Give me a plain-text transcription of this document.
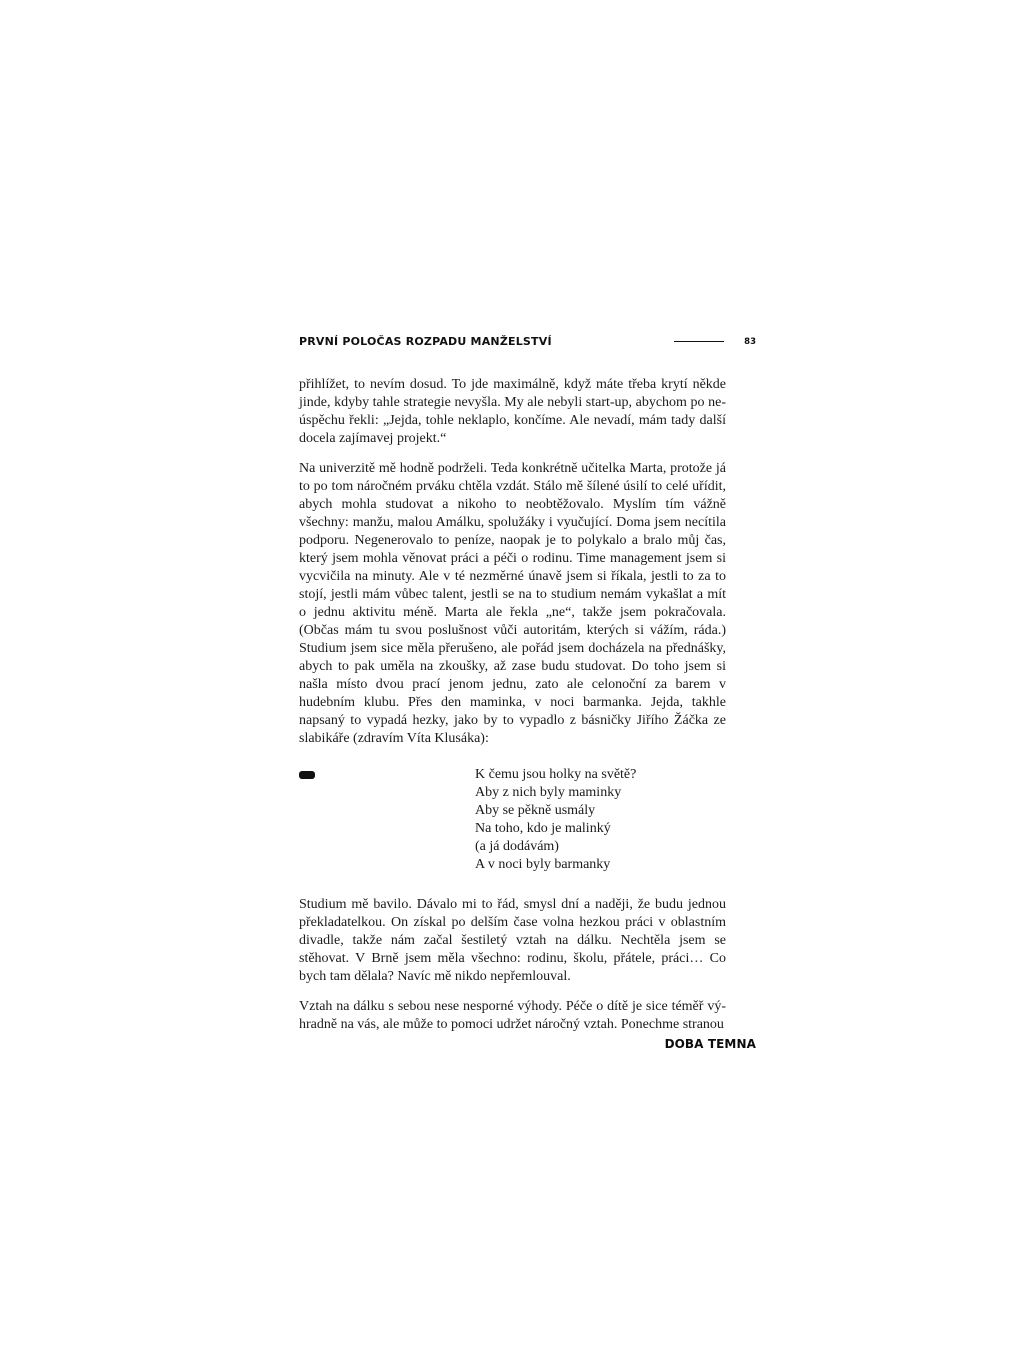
PRVNÍ POLOČAS ROZPADU MANŽELSTVÍ	83

přihlížet, to nevím dosud. To jde maximálně, když máte třeba krytí někde jinde, kdyby tahle strategie nevyšla. My ale nebyli start-up, abychom po neúspěchu řekli: „Jejda, tohle neklaplo, končíme. Ale nevadí, mám tady další docela zajímavej projekt.“

Na univerzitě mě hodně podrželi. Teda konkrétně učitelka Marta, protože já to po tom náročném prváku chtěla vzdát. Stálo mě šílené úsilí to celé uřídit, abych mohla studovat a nikoho to neobtěžovalo. Myslím tím vážně všechny: manžu, malou Amálku, spolužáky i vyučující. Doma jsem necítila podporu. Negenerovalo to peníze, naopak je to polykalo a bralo můj čas, který jsem mohla věnovat práci a péči o rodinu. Time management jsem si vycvičila na minuty. Ale v té nezměrné únavě jsem si říkala, jestli to za to stojí, jestli mám vůbec talent, jestli se na to studium nemám vykašlat a mít o jednu aktivitu méně. Marta ale řekla „ne“, takže jsem pokračovala. (Občas mám tu svou poslušnost vůči autoritám, kterých si vážím, ráda.) Studium jsem sice měla přerušeno, ale pořád jsem docházela na přednášky, abych to pak uměla na zkoušky, až zase budu studovat. Do toho jsem si našla místo dvou prací jenom jednu, zato ale celonoční za barem v hudebním klubu. Přes den maminka, v noci barmanka. Jejda, takhle napsaný to vypadá hezky, jako by to vypadlo z básničky Jiřího Žáčka ze slabikáře (zdravím Vítа Klusáka):

K čemu jsou holky na světě?
Aby z nich byly maminky
Aby se pěkně usmály
Na toho, kdo je malinký
(a já dodávám)
A v noci byly barmanky

Studium mě bavilo. Dávalo mi to řád, smysl dní a naději, že budu jednou překladatelkou. On získal po delším čase volna hezkou práci v oblastním divadle, takže nám začal šestiletý vztah na dálku. Nechtěla jsem se stěhovat. V Brně jsem měla všechno: rodinu, školu, přátele, práci… Co bych tam dělala? Navíc mě nikdo nepřemlouval.

Vztah na dálku s sebou nese nesporné výhody. Péče o dítě je sice téměř výhradně na vás, ale může to pomoci udržet náročný vztah. Ponechme stranou

DOBA TEMNA
